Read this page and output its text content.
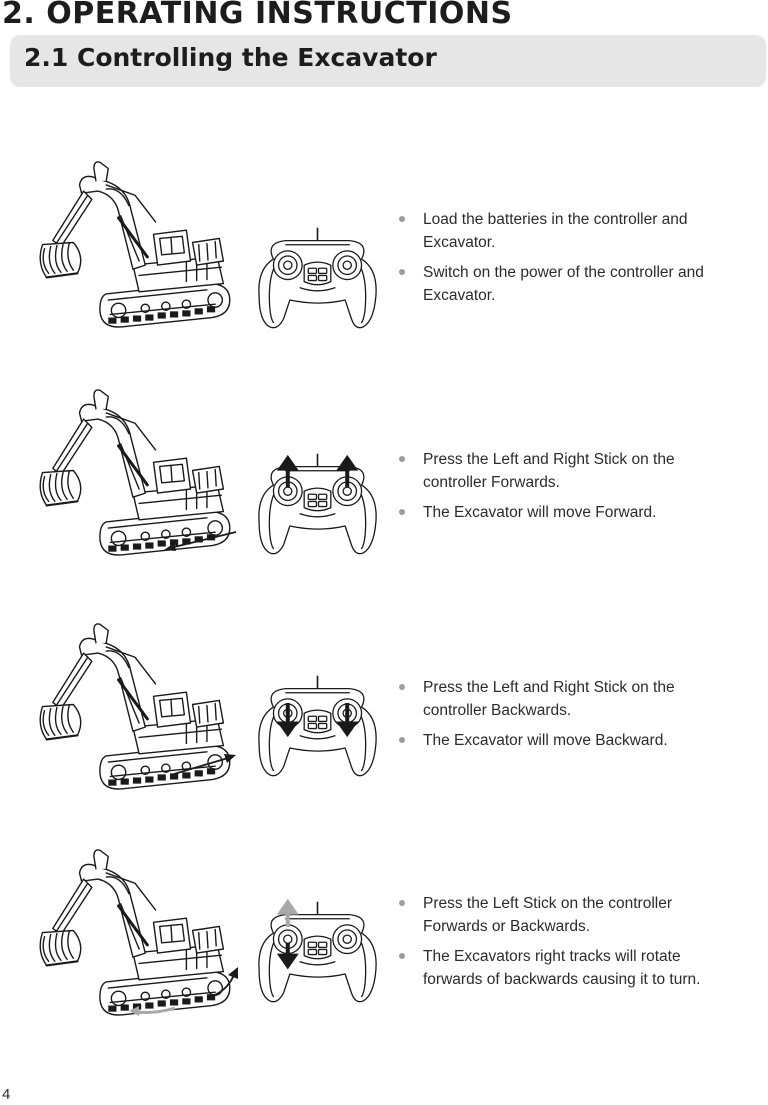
2. OPERATING INSTRUCTIONS
2.1 Controlling the Excavator
Load the batteries in the controller and Excavator.
Switch on the power of the controller and Excavator.
Press the Left and Right Stick on the controller Forwards.
The Excavator will move Forward.
Press the Left and Right Stick on the controller Backwards.
The Excavator will move Backward.
Press the Left Stick on the controller Forwards or Backwards.
The Excavators right tracks will rotate forwards of backwards causing it to turn.
4
